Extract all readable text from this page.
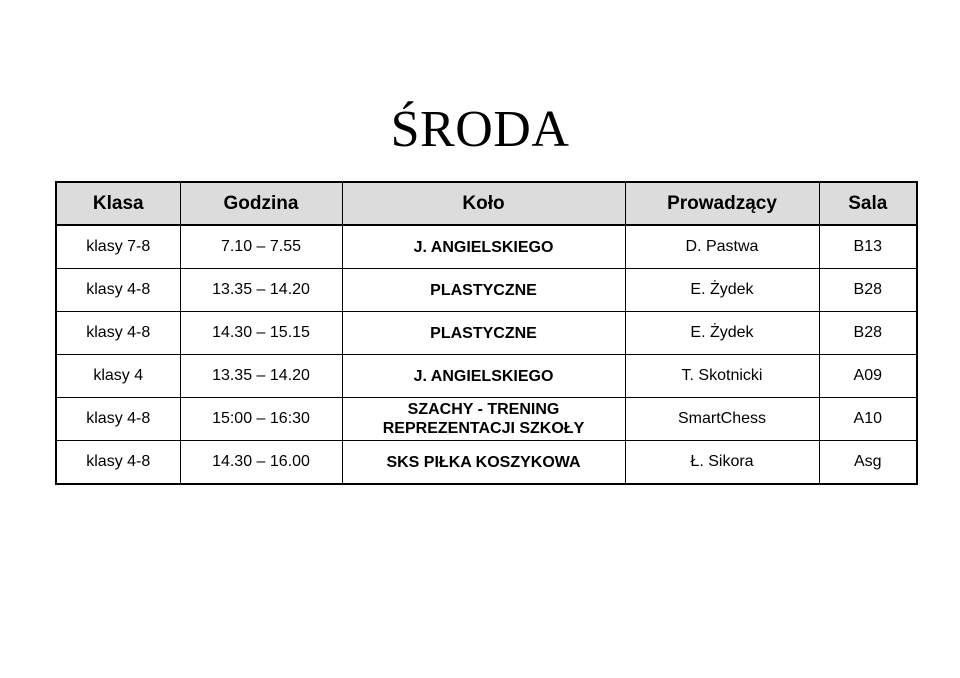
ŚRODA
Klasa	Godzina	Koło	Prowadzący	Sala
klasy 7-8	7.10 – 7.55	J. ANGIELSKIEGO	D. Pastwa	B13
klasy 4-8	13.35 – 14.20	PLASTYCZNE	E. Żydek	B28
klasy 4-8	14.30 – 15.15	PLASTYCZNE	E. Żydek	B28
klasy 4	13.35 – 14.20	J. ANGIELSKIEGO	T. Skotnicki	A09
klasy 4-8	15:00 – 16:30	SZACHY - TRENING REPREZENTACJI SZKOŁY	SmartChess	A10
klasy 4-8	14.30 – 16.00	SKS PIŁKA KOSZYKOWA	Ł. Sikora	Asg
